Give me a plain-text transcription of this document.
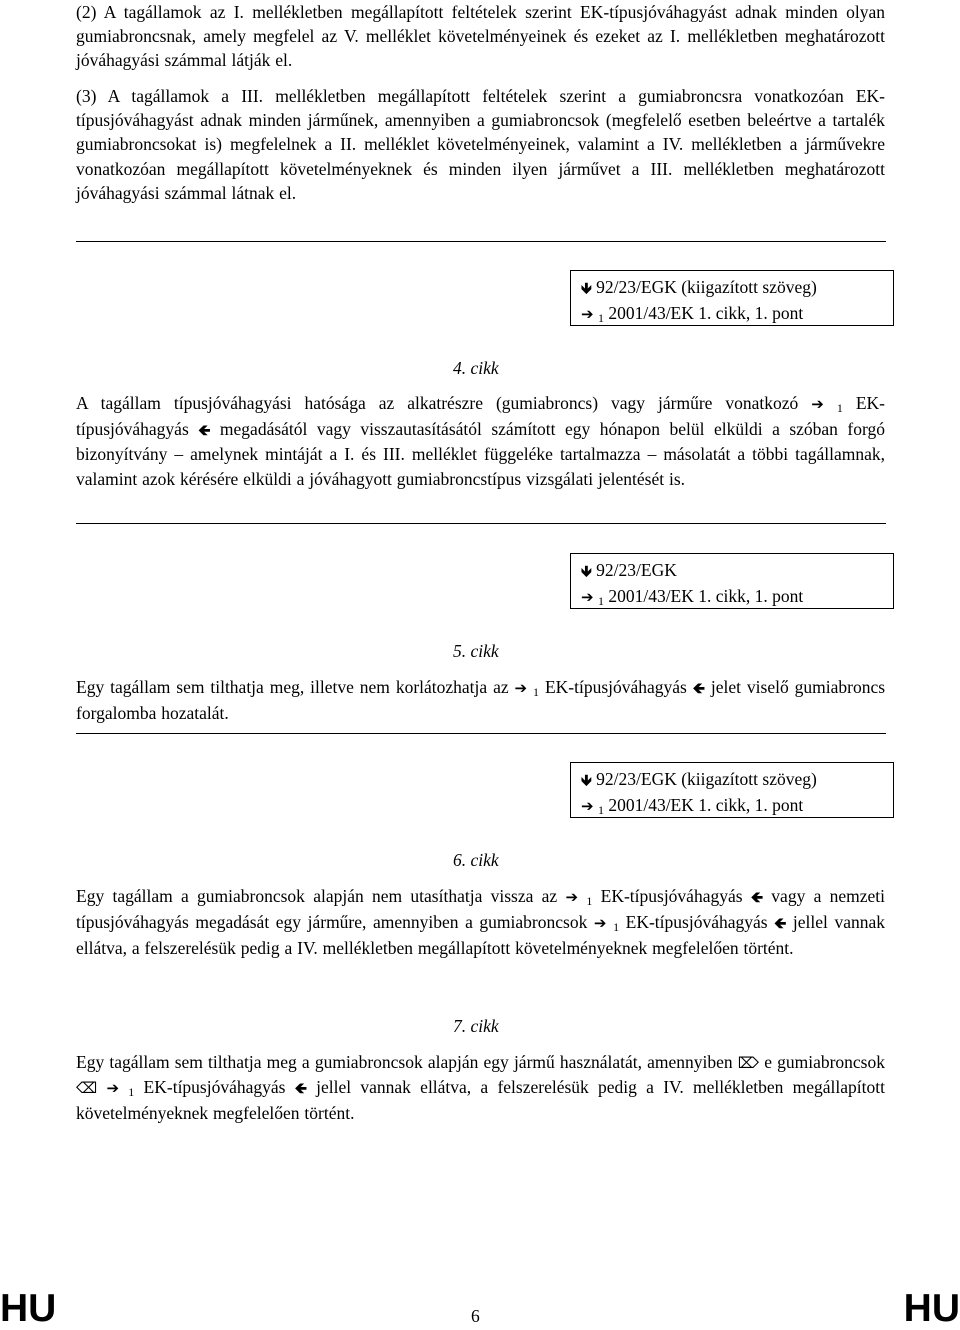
(2) A tagállamok az I. mellékletben megállapított feltételek szerint EK-típusjóváhagyást adnak minden olyan gumiabroncsnak, amely megfelel az V. melléklet követelményeinek és ezeket az I. mellékletben meghatározott jóváhagyási számmal látják el.
(3) A tagállamok a III. mellékletben megállapított feltételek szerint a gumiabroncsra vonatkozóan EK-típusjóváhagyást adnak minden járműnek, amennyiben a gumiabroncsok (megfelelő esetben beleértve a tartalék gumiabroncsokat is) megfelelnek a II. melléklet követelményeinek, valamint a IV. mellékletben a járművekre vonatkozóan megállapított követelményeknek és minden ilyen járművet a III. mellékletben meghatározott jóváhagyási számmal látnak el.
🡻 92/23/EGK (kiigazított szöveg)
➔ 1 2001/43/EK 1. cikk, 1. pont
4. cikk
A tagállam típusjóváhagyási hatósága az alkatrészre (gumiabroncs) vagy járműre vonatkozó ➔ 1 EK-típusjóváhagyás 🡸 megadásától vagy visszautasításától számított egy hónapon belül elküldi a szóban forgó bizonyítvány – amelynek mintáját a I. és III. melléklet függeléke tartalmazza – másolatát a többi tagállamnak, valamint azok kérésére elküldi a jóváhagyott gumiabroncstípus vizsgálati jelentését is.
🡻 92/23/EGK
➔ 1 2001/43/EK 1. cikk, 1. pont
5. cikk
Egy tagállam sem tilthatja meg, illetve nem korlátozhatja az ➔ 1 EK-típusjóváhagyás 🡸 jelet viselő gumiabroncs forgalomba hozatalát.
🡻 92/23/EGK (kiigazított szöveg)
➔ 1 2001/43/EK 1. cikk, 1. pont
6. cikk
Egy tagállam a gumiabroncsok alapján nem utasíthatja vissza az ➔ 1 EK-típusjóváhagyás 🡸 vagy a nemzeti típusjóváhagyás megadását egy járműre, amennyiben a gumiabroncsok ➔ 1 EK-típusjóváhagyás 🡸 jellel vannak ellátva, a felszerelésük pedig a IV. mellékletben megállapított követelményeknek megfelelően történt.
7. cikk
Egy tagállam sem tilthatja meg a gumiabroncsok alapján egy jármű használatát, amennyiben ⌦ e gumiabroncsok ⌫ ➔ 1 EK-típusjóváhagyás 🡸 jellel vannak ellátva, a felszerelésük pedig a IV. mellékletben megállapított követelményeknek megfelelően történt.
HU	6	HU
